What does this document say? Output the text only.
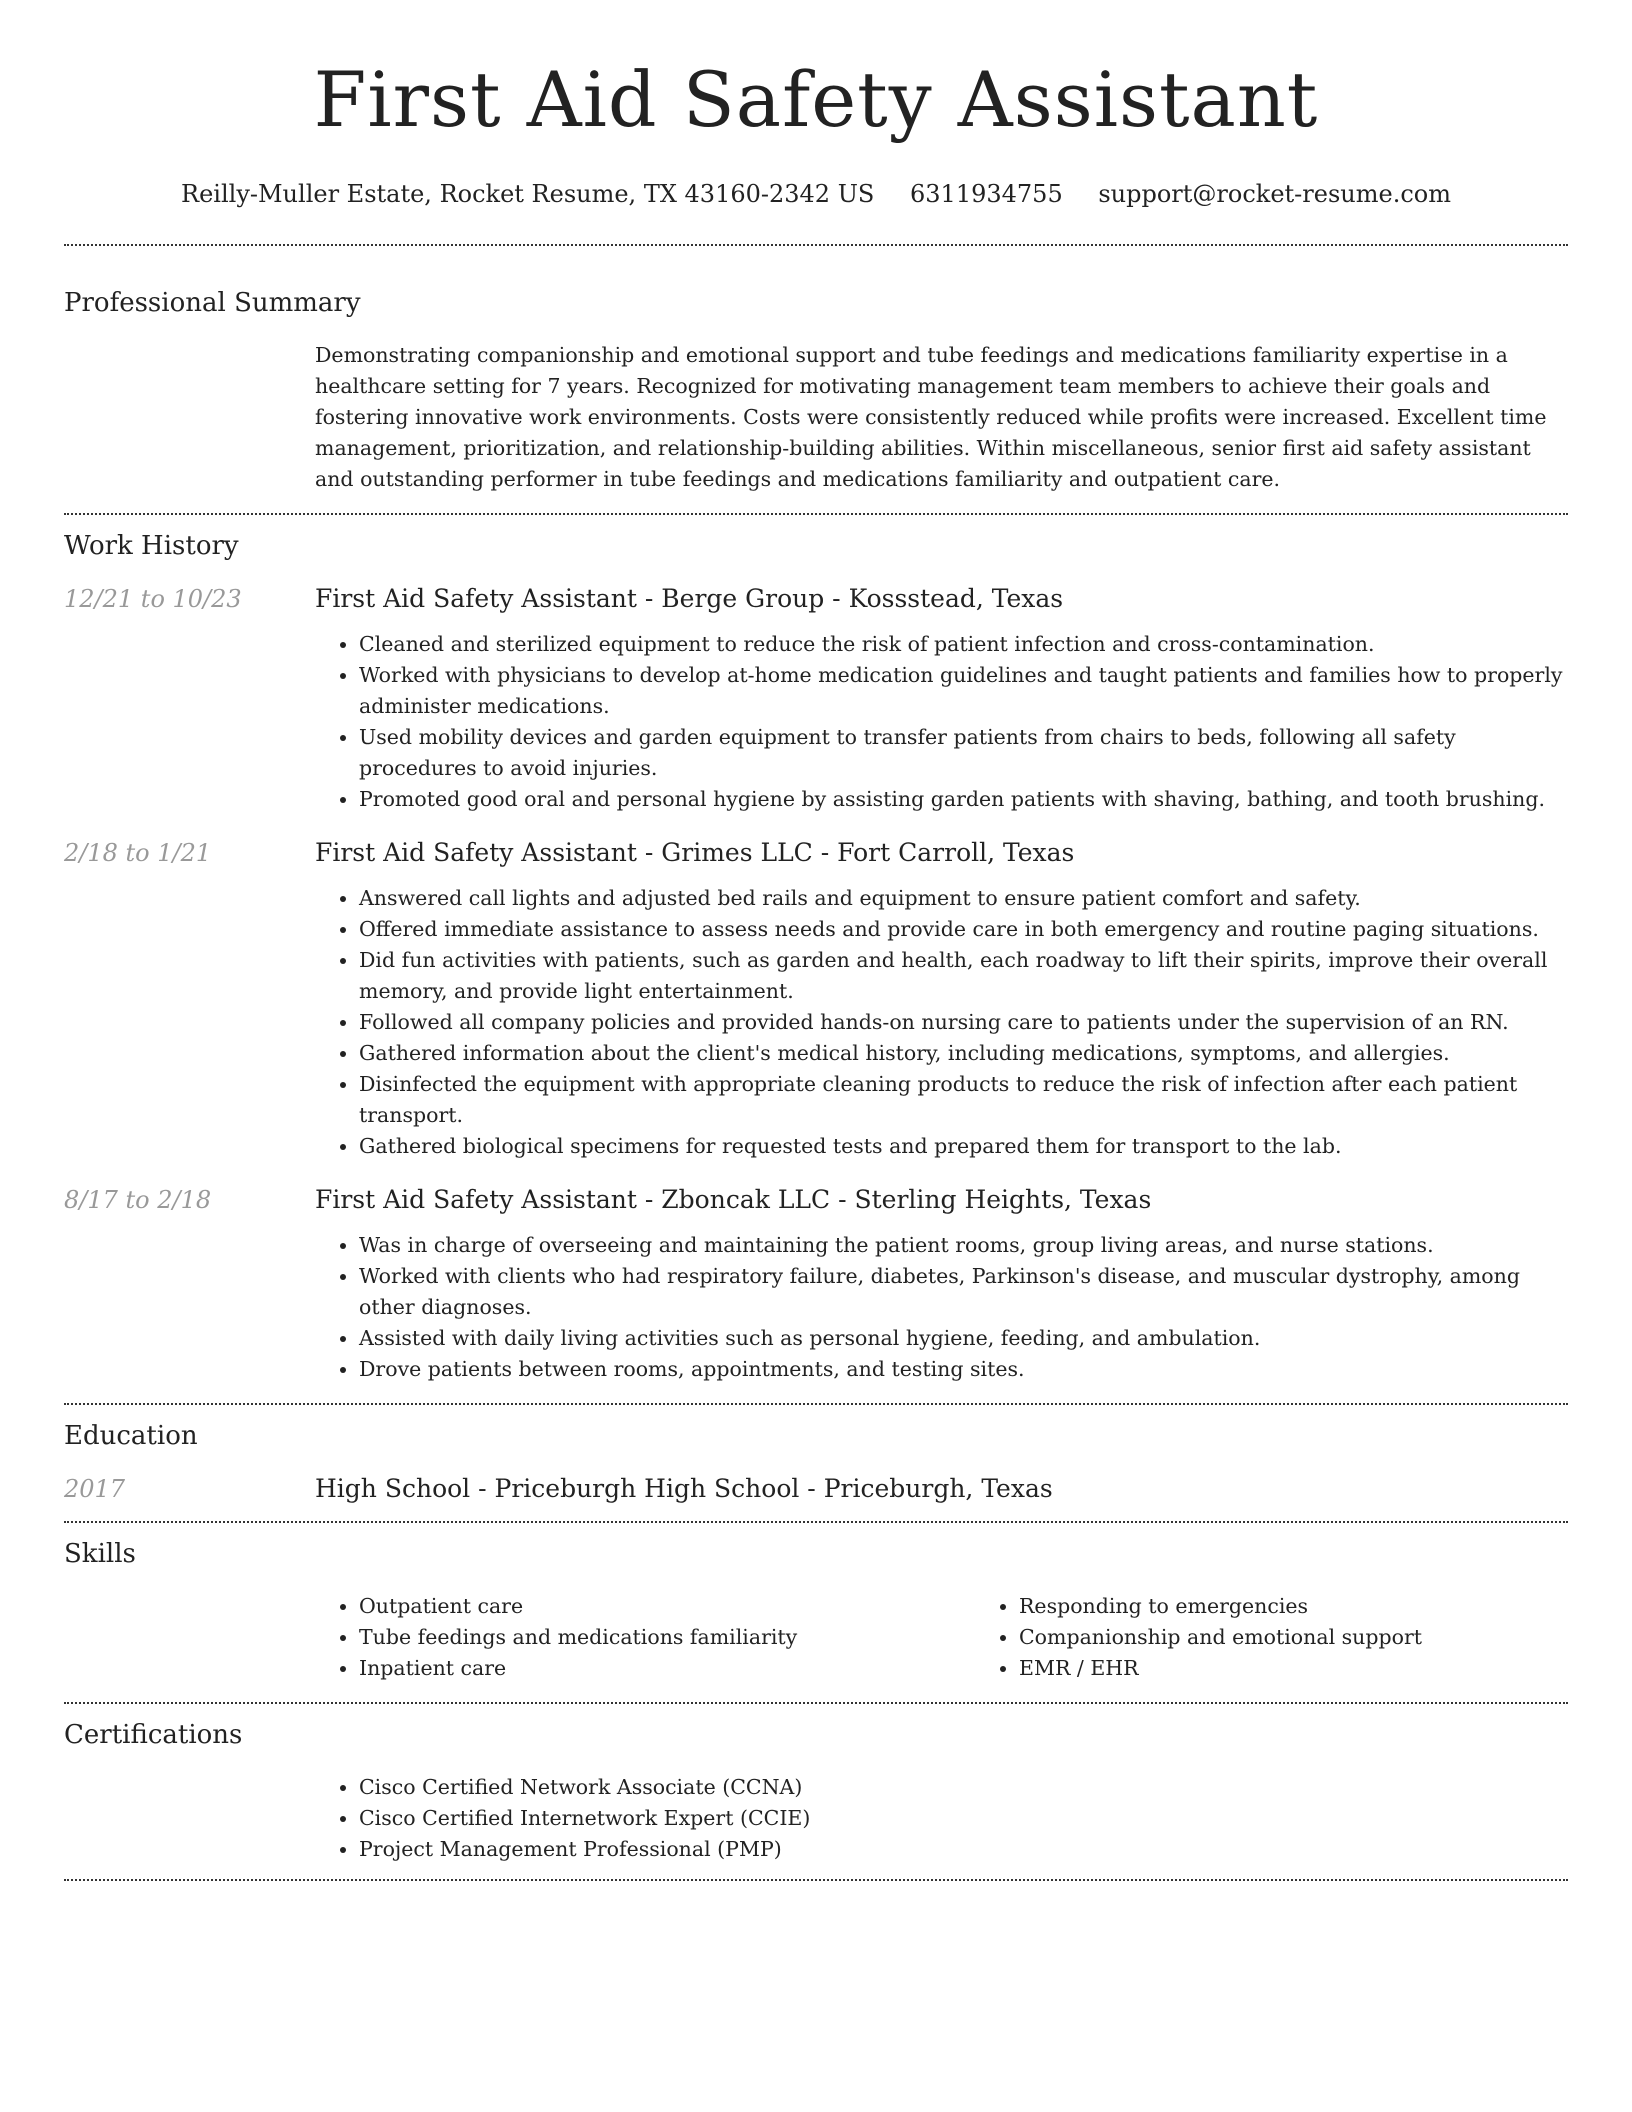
First Aid Safety Assistant
Reilly-Muller Estate, Rocket Resume, TX 43160-2342 US 6311934755 support@rocket-resume.com
Professional Summary

Demonstrating companionship and emotional support and tube feedings and medications familiarity expertise in a healthcare setting for 7 years. Recognized for motivating management team members to achieve their goals and fostering innovative work environments. Costs were consistently reduced while profits were increased. Excellent time management, prioritization, and relationship-building abilities. Within miscellaneous, senior first aid safety assistant and outstanding performer in tube feedings and medications familiarity and outpatient care.

Work History
12/21 to 10/23	First Aid Safety Assistant - Berge Group - Kossstead, Texas
• Cleaned and sterilized equipment to reduce the risk of patient infection and cross-contamination.
• Worked with physicians to develop at-home medication guidelines and taught patients and families how to properly administer medications.
• Used mobility devices and garden equipment to transfer patients from chairs to beds, following all safety procedures to avoid injuries.
• Promoted good oral and personal hygiene by assisting garden patients with shaving, bathing, and tooth brushing.
2/18 to 1/21	First Aid Safety Assistant - Grimes LLC - Fort Carroll, Texas
• Answered call lights and adjusted bed rails and equipment to ensure patient comfort and safety.
• Offered immediate assistance to assess needs and provide care in both emergency and routine paging situations.
• Did fun activities with patients, such as garden and health, each roadway to lift their spirits, improve their overall memory, and provide light entertainment.
• Followed all company policies and provided hands-on nursing care to patients under the supervision of an RN.
• Gathered information about the client's medical history, including medications, symptoms, and allergies.
• Disinfected the equipment with appropriate cleaning products to reduce the risk of infection after each patient transport.
• Gathered biological specimens for requested tests and prepared them for transport to the lab.
8/17 to 2/18	First Aid Safety Assistant - Zboncak LLC - Sterling Heights, Texas
• Was in charge of overseeing and maintaining the patient rooms, group living areas, and nurse stations.
• Worked with clients who had respiratory failure, diabetes, Parkinson's disease, and muscular dystrophy, among other diagnoses.
• Assisted with daily living activities such as personal hygiene, feeding, and ambulation.
• Drove patients between rooms, appointments, and testing sites.
Education
2017	High School - Priceburgh High School - Priceburgh, Texas
Skills
• Outpatient care
• Tube feedings and medications familiarity
• Inpatient care
• Responding to emergencies
• Companionship and emotional support
• EMR / EHR
Certifications
• Cisco Certified Network Associate (CCNA)
• Cisco Certified Internetwork Expert (CCIE)
• Project Management Professional (PMP)
